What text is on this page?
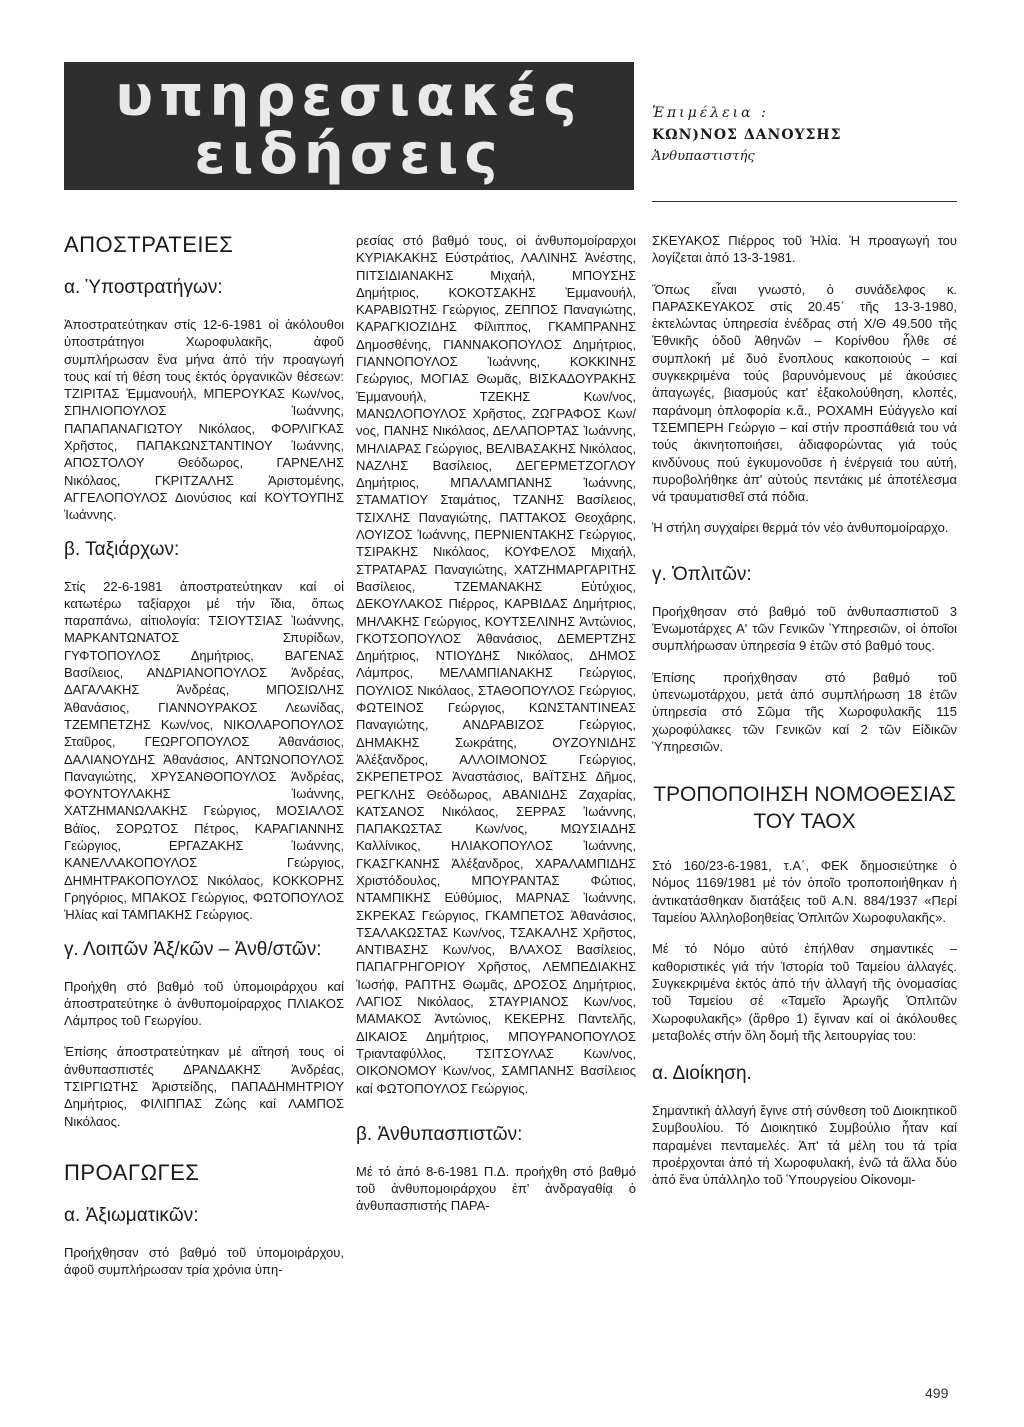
υπηρεσιακές
ειδήσεις
Ἐπιμέλεια :
ΚΩΝ)ΝΟΣ ΔΑΝΟΥΣΗΣ
Ἀνθυπαστιστής
ΑΠΟΣΤΡΑΤΕΙΕΣ
α. Ὑποστρατήγων:

Ἀποστρατεύτηκαν στίς 12-6-1981 οἱ ἀκόλουθοι ὑποστράτηγοι Χωροφυλακῆς, ἀφοῦ συμπλήρωσαν ἕνα μήνα ἀπό τήν προαγωγή τους καί τή θέση τους ἐκτός ὀργανικῶν θέσεων: ΤΖΙΡΙΤΑΣ Ἐμμανουήλ, ΜΠΕΡΟΥΚΑΣ Κων/νος, ΣΠΗΛΙΟΠΟΥΛΟΣ Ἰωάννης, ΠΑΠΑΠΑΝΑΓΙΩΤΟΥ Νικόλαος, ΦΟΡΛΙΓΚΑΣ Χρῆστος, ΠΑΠΑΚΩΝΣΤΑΝΤΙΝΟΥ Ἰωάννης, ΑΠΟΣΤΟΛΟΥ Θεόδωρος, ΓΑΡΝΕΛΗΣ Νικόλαος, ΓΚΡΙΤΖΑΛΗΣ Ἀριστομένης, ΑΓΓΕΛΟΠΟΥΛΟΣ Διονύσιος καί ΚΟΥΤΟΥΠΗΣ Ἰωάννης.

β. Ταξιάρχων:

Στίς 22-6-1981 ἀποστρατεύτηκαν καί οἱ κατωτέρω ταξίαρχοι μέ τήν ἴδια, ὅπως παραπάνω, αἰτιολογία: ΤΣΙΟΥΤΣΙΑΣ Ἰωάννης, ΜΑΡΚΑΝΤΩΝΑΤΟΣ Σπυρίδων, ΓΥΦΤΟΠΟΥΛΟΣ Δημήτριος, ΒΑΓΕΝΑΣ Βασίλειος, ΑΝΔΡΙΑΝΟΠΟΥΛΟΣ Ἀνδρέας, ΔΑΓΑΛΑΚΗΣ Ἀνδρέας, ΜΠΟΣΙΩΛΗΣ Ἀθανάσιος, ΓΙΑΝΝΟΥΡΑΚΟΣ Λεωνίδας, ΤΖΕΜΠΕΤΖΗΣ Κων/νος, ΝΙΚΟΛΑΡΟΠΟΥΛΟΣ Σταῦρος, ΓΕΩΡΓΟΠΟΥΛΟΣ Ἀθανάσιος, ΔΑΛΙΑΝΟΥΔΗΣ Ἀθανάσιος, ΑΝΤΩΝΟΠΟΥΛΟΣ Παναγιώτης, ΧΡΥΣΑΝΘΟΠΟΥΛΟΣ Ἀνδρέας, ΦΟΥΝΤΟΥΛΑΚΗΣ Ἰωάννης, ΧΑΤΖΗΜΑΝΩΛΑΚΗΣ Γεώργιος, ΜΟΣΙΑΛΟΣ Βάϊος, ΣΟΡΩΤΟΣ Πέτρος, ΚΑΡΑΓΙΑΝΝΗΣ Γεώργιος, ΕΡΓΑΖΑΚΗΣ Ἰωάννης, ΚΑΝΕΛΛΑΚΟΠΟΥΛΟΣ Γεώργιος, ΔΗΜΗΤΡΑΚΟΠΟΥΛΟΣ Νικόλαος, ΚΟΚΚΟΡΗΣ Γρηγόριος, ΜΠΑΚΟΣ Γεώργιος, ΦΩΤΟΠΟΥΛΟΣ Ἠλίας καί ΤΑΜΠΑΚΗΣ Γεώργιος.

γ. Λοιπῶν Ἀξ/κῶν – Ἀνθ/στῶν:

Προήχθη στό βαθμό τοῦ ὑπομοιράρχου καί ἀποστρατεύτηκε ὁ ἀνθυπομοίραρχος ΠΛΙΑΚΟΣ Λάμπρος τοῦ Γεωργίου.

Ἐπίσης ἀποστρατεύτηκαν μέ αἴτησή τους οἱ ἀνθυπασπιστές ΔΡΑΝΔΑΚΗΣ Ἀνδρέας, ΤΣΙΡΓΙΩΤΗΣ Ἀριστείδης, ΠΑΠΑΔΗΜΗΤΡΙΟΥ Δημήτριος, ΦΙΛΙΠΠΑΣ Ζώης καί ΛΑΜΠΟΣ Νικόλαος.

ΠΡΟΑΓΩΓΕΣ
α. Ἀξιωματικῶν:

Προήχθησαν στό βαθμό τοῦ ὑπομοιράρχου, ἀφοῦ συμπλήρωσαν τρία χρόνια ὑπη-

ρεσίας στό βαθμό τους, οἱ ἀνθυπομοίραρχοι ΚΥΡΙΑΚΑΚΗΣ Εὐστράτιος, ΛΑΛΙΝΗΣ Ἀνέστης, ΠΙΤΣΙΔΙΑΝΑΚΗΣ Μιχαήλ, ΜΠΟΥΣΗΣ Δημήτριος, ΚΟΚΟΤΣΑΚΗΣ Ἐμμανουήλ, ΚΑΡΑΒΙΩΤΗΣ Γεώργιος, ΖΕΠΠΟΣ Παναγιώτης, ΚΑΡΑΓΚΙΟΖΙΔΗΣ Φίλιππος, ΓΚΑΜΠΡΑΝΗΣ Δημοσθένης, ΓΙΑΝΝΑΚΟΠΟΥΛΟΣ Δημήτριος, ΓΙΑΝΝΟΠΟΥΛΟΣ Ἰωάννης, ΚΟΚΚΙΝΗΣ Γεώργιος, ΜΟΓΙΑΣ Θωμᾶς, ΒΙΣΚΑΔΟΥΡΑΚΗΣ Ἐμμανουήλ, ΤΖΕΚΗΣ Κων/νος, ΜΑΝΩΛΟΠΟΥΛΟΣ Χρῆστος, ΖΩΓΡΑΦΟΣ Κων/νος, ΠΑΝΗΣ Νικόλαος, ΔΕΛΑΠΟΡΤΑΣ Ἰωάννης, ΜΗΛΙΑΡΑΣ Γεώργιος, ΒΕΛΙΒΑΣΑΚΗΣ Νικόλαος, ΝΑΖΛΗΣ Βασίλειος, ΔΕΓΕΡΜΕΤΖΟΓΛΟΥ Δημήτριος, ΜΠΑΛΑΜΠΑΝΗΣ Ἰωάννης, ΣΤΑΜΑΤΙΟΥ Σταμάτιος, ΤΖΑΝΗΣ Βασίλειος, ΤΣΙΧΛΗΣ Παναγιώτης, ΠΑΤΤΑΚΟΣ Θεοχάρης, ΛΟΥΙΖΟΣ Ἰωάννης, ΠΕΡΝΙΕΝΤΑΚΗΣ Γεώργιος, ΤΣΙΡΑΚΗΣ Νικόλαος, ΚΟΥΦΕΛΟΣ Μιχαήλ, ΣΤΡΑΤΑΡΑΣ Παναγιώτης, ΧΑΤΖΗΜΑΡΓΑΡΙΤΗΣ Βασίλειος, ΤΖΕΜΑΝΑΚΗΣ Εὐτύχιος, ΔΕΚΟΥΛΑΚΟΣ Πιέρρος, ΚΑΡΒΙΔΑΣ Δημήτριος, ΜΗΛΑΚΗΣ Γεώργιος, ΚΟΥΤΣΕΛΙΝΗΣ Ἀντώνιος, ΓΚΟΤΣΟΠΟΥΛΟΣ Ἀθανάσιος, ΔΕΜΕΡΤΖΗΣ Δημήτριος, ΝΤΙΟΥΔΗΣ Νικόλαος, ΔΗΜΟΣ Λάμπρος, ΜΕΛΑΜΠΙΑΝΑΚΗΣ Γεώργιος, ΠΟΥΛΙΟΣ Νικόλαος, ΣΤΑΘΟΠΟΥΛΟΣ Γεώργιος, ΦΩΤΕΙΝΟΣ Γεώργιος, ΚΩΝΣΤΑΝΤΙΝΕΑΣ Παναγιώτης, ΑΝΔΡΑΒΙΖΟΣ Γεώργιος, ΔΗΜΑΚΗΣ Σωκράτης, ΟΥΖΟΥΝΙΔΗΣ Ἀλέξανδρος, ΑΛΛΟΙΜΟΝΟΣ Γεώργιος, ΣΚΡΕΠΕΤΡΟΣ Ἀναστάσιος, ΒΑΪΤΣΗΣ Δῆμος, ΡΕΓΚΛΗΣ Θεόδωρος, ΑΒΑΝΙΔΗΣ Ζαχαρίας, ΚΑΤΣΑΝΟΣ Νικόλαος, ΣΕΡΡΑΣ Ἰωάννης, ΠΑΠΑΚΩΣΤΑΣ Κων/νος, ΜΩΥΣΙΑΔΗΣ Καλλίνικος, ΗΛΙΑΚΟΠΟΥΛΟΣ Ἰωάννης, ΓΚΑΣΓΚΑΝΗΣ Ἀλέξανδρος, ΧΑΡΑΛΑΜΠΙΔΗΣ Χριστόδουλος, ΜΠΟΥΡΑΝΤΑΣ Φώτιος, ΝΤΑΜΠΙΚΗΣ Εὐθύμιος, ΜΑΡΝΑΣ Ἰωάννης, ΣΚΡΕΚΑΣ Γεώργιος, ΓΚΑΜΠΕΤΟΣ Ἀθανάσιος, ΤΣΑΛΑΚΩΣΤΑΣ Κων/νος, ΤΣΑΚΑΛΗΣ Χρῆστος, ΑΝΤΙΒΑΣΗΣ Κων/νος, ΒΛΑΧΟΣ Βασίλειος, ΠΑΠΑΓΡΗΓΟΡΙΟΥ Χρῆστος, ΛΕΜΠΕΔΙΑΚΗΣ Ἰωσήφ, ΡΑΠΤΗΣ Θωμᾶς, ΔΡΟΣΟΣ Δημήτριος, ΛΑΓΙΟΣ Νικόλαος, ΣΤΑΥΡΙΑΝΟΣ Κων/νος, ΜΑΜΑΚΟΣ Ἀντώνιος, ΚΕΚΕΡΗΣ Παντελῆς, ΔΙΚΑΙΟΣ Δημήτριος, ΜΠΟΥΡΑΝΟΠΟΥΛΟΣ Τριανταφύλλος, ΤΣΙΤΣΟΥΛΑΣ Κων/νος, ΟΙΚΟΝΟΜΟΥ Κων/νος, ΣΑΜΠΑΝΗΣ Βασίλειος καί ΦΩΤΟΠΟΥΛΟΣ Γεώργιος.

β. Ἀνθυπασπιστῶν:

Μέ τό ἀπό 8-6-1981 Π.Δ. προήχθη στό βαθμό τοῦ ἀνθυπομοιράρχου ἐπ' ἀνδραγαθίᾳ ὁ ἀνθυπασπιστής ΠΑΡΑ-

ΣΚΕΥΑΚΟΣ Πιέρρος τοῦ Ἠλία. Ἡ προαγωγή του λογίζεται ἀπό 13-3-1981.

Ὅπως εἶναι γνωστό, ὁ συνάδελφος κ. ΠΑΡΑΣΚΕΥΑΚΟΣ στίς 20.45΄ τῆς 13-3-1980, ἐκτελώντας ὑπηρεσία ἐνέδρας στή Χ/Θ 49.500 τῆς Ἐθνικῆς ὁδοῦ Ἀθηνῶν – Κορίνθου ἦλθε σέ συμπλοκή μέ δυό ἔνοπλους κακοποιούς – καί συγκεκριμένα τούς βαρυνόμενους μέ ἀκούσιες ἀπαγωγές, βιασμούς κατ' ἐξακολούθηση, κλοπές, παράνομη ὁπλοφορία κ.ἄ., ΡΟΧΑΜΗ Εὐάγγελο καί ΤΣΕΜΠΕΡΗ Γεώργιο – καί στήν προσπάθειά του νά τούς ἀκινητοποιήσει, ἀδιαφορώντας γιά τούς κινδύνους πού ἐγκυμονοῦσε ἡ ἐνέργειά του αὐτή, πυροβολήθηκε ἀπ' αὐτούς πεντάκις μέ ἀποτέλεσμα νά τραυματισθεῖ στά πόδια.

Ἡ στήλη συγχαίρει θερμά τόν νέο ἀνθυπομοίραρχο.

γ. Ὁπλιτῶν:

Προήχθησαν στό βαθμό τοῦ ἀνθυπασπιστοῦ 3 Ἐνωμοτάρχες Α' τῶν Γενικῶν Ὑπηρεσιῶν, οἱ ὁποῖοι συμπλήρωσαν ὑπηρεσία 9 ἐτῶν στό βαθμό τους.

Ἐπίσης προήχθησαν στό βαθμό τοῦ ὑπενωμοτάρχου, μετά ἀπό συμπλήρωση 18 ἐτῶν ὑπηρεσία στό Σῶμα τῆς Χωροφυλακῆς 115 χωροφύλακες τῶν Γενικῶν καί 2 τῶν Εἰδικῶν Ὑπηρεσιῶν.

ΤΡΟΠΟΠΟΙΗΣΗ ΝΟΜΟΘΕΣΙΑΣ ΤΟΥ ΤΑΟΧ

Στό 160/23-6-1981, τ.Α΄, ΦΕΚ δημοσιεύτηκε ὁ Νόμος 1169/1981 μέ τόν ὁποῖο τροποποιήθηκαν ἡ ἀντικατάσθηκαν διατάξεις τοῦ Α.Ν. 884/1937 «Περί Ταμείου Ἀλληλοβοηθείας Ὁπλιτῶν Χωροφυλακῆς».

Μέ τό Νόμο αὐτό ἐπήλθαν σημαντικές – καθοριστικές γιά τήν Ἱστορία τοῦ Ταμείου ἀλλαγές. Συγκεκριμένα ἐκτός ἀπό τήν ἀλλαγή τῆς ὀνομασίας τοῦ Ταμείου σέ «Ταμεῖο Ἀρωγῆς Ὁπλιτῶν Χωροφυλακῆς» (ἄρθρο 1) ἔγιναν καί οἱ ἀκόλουθες μεταβολές στήν ὅλη δομή τῆς λειτουργίας του:

α. Διοίκηση.

Σημαντική ἀλλαγή ἔγινε στή σύνθεση τοῦ Διοικητικοῦ Συμβουλίου. Τό Διοικητικό Συμβούλιο ἦταν καί παραμένει πενταμελές. Ἀπ' τά μέλη του τά τρία προέρχονται ἀπό τή Χωροφυλακή, ἐνῶ τά ἄλλα δύο ἀπό ἕνα ὑπάλληλο τοῦ Ὑπουργείου Οἰκονομι-

499
